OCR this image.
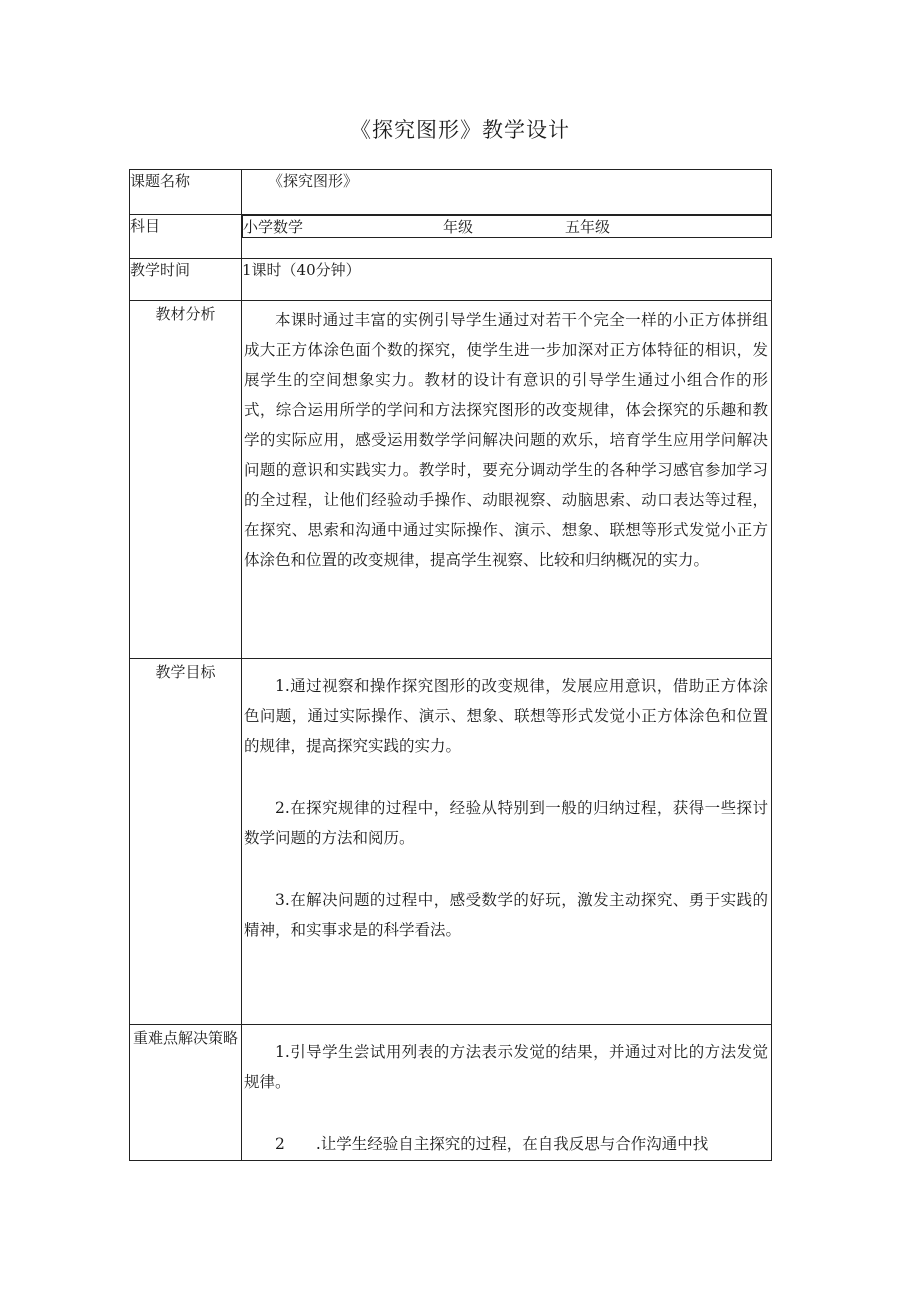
《探究图形》教学设计
课题名称	《探究图形》
科目		小学数学	年级	五年级

教学时间	1课时（40分钟）
教材分析	本课时通过丰富的实例引导学生通过对若干个完全一样的小正方体拼组成大正方体涂色面个数的探究，使学生进一步加深对正方体特征的相识，发展学生的空间想象实力。教材的设计有意识的引导学生通过小组合作的形式，综合运用所学的学问和方法探究图形的改变规律，体会探究的乐趣和教学的实际应用，感受运用数学学问解决问题的欢乐，培育学生应用学问解决问题的意识和实践实力。教学时，要充分调动学生的各种学习感官参加学习的全过程，让他们经验动手操作、动眼视察、动脑思索、动口表达等过程，在探究、思索和沟通中通过实际操作、演示、想象、联想等形式发觉小正方体涂色和位置的改变规律，提高学生视察、比较和归纳概况的实力。

教学目标	1.通过视察和操作探究图形的改变规律，发展应用意识，借助正方体涂色问题，通过实际操作、演示、想象、联想等形式发觉小正方体涂色和位置的规律，提高探究实践的实力。

2.在探究规律的过程中，经验从特别到一般的归纳过程，获得一些探讨数学问题的方法和阅历。

3.在解决问题的过程中，感受数学的好玩，激发主动探究、勇于实践的精神，和实事求是的科学看法。

重难点解决策略	1.引导学生尝试用列表的方法表示发觉的结果，并通过对比的方法发觉规律。

2　　.让学生经验自主探究的过程，在自我反思与合作沟通中找
